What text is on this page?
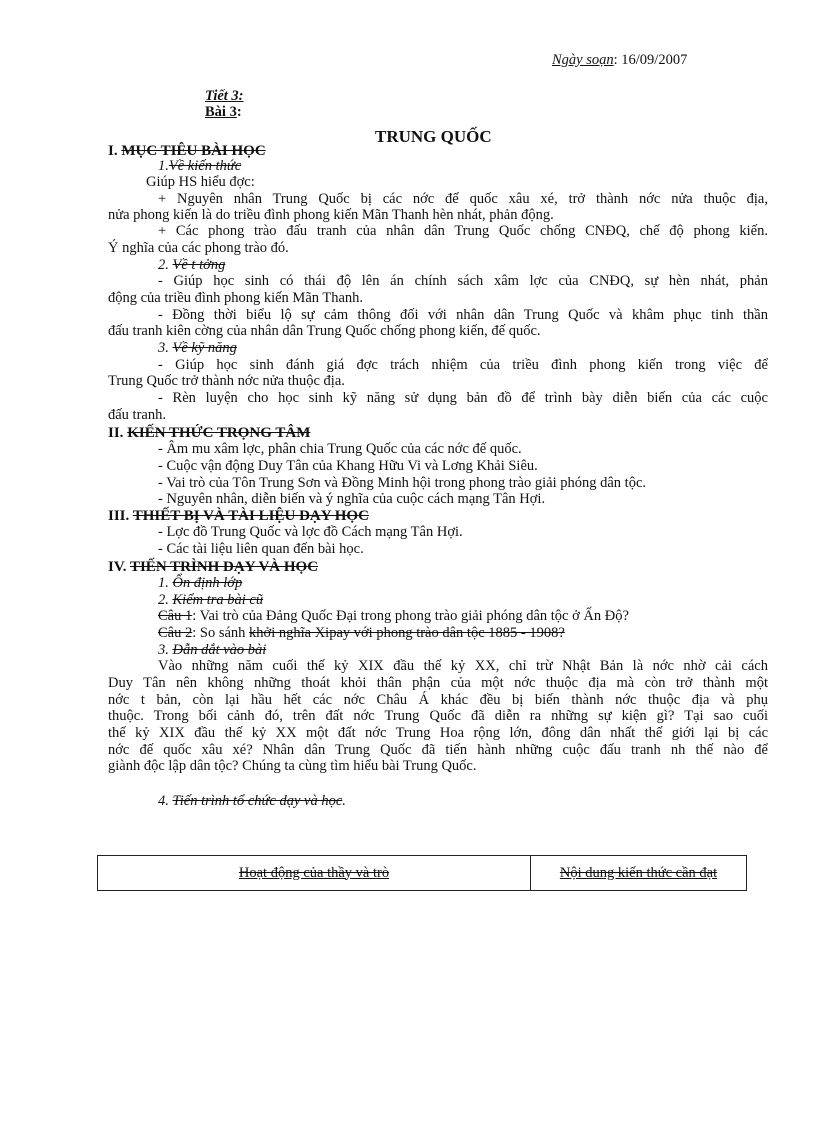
Ngày soạn: 16/09/2007
Tiết 3:
Bài 3:
TRUNG QUỐC
I. MỤC TIÊU BÀI HỌC
1.Về kiến thức
Giúp HS hiểu đợc:
+ Nguyên nhân Trung Quốc bị các nớc đế quốc xâu xé, trở thành nớc nửa thuộc địa,
nửa phong kiến là do triều đình phong kiến Mãn Thanh hèn nhát, phản động.
+ Các phong trào đấu tranh của nhân dân Trung Quốc chống CNĐQ, chế độ phong kiến.
Ý nghĩa của các phong trào đó.
2. Về t tởng
- Giúp học sinh có thái độ lên án chính sách xâm lợc của CNĐQ, sự hèn nhát, phản
động của triều đình phong kiến Mãn Thanh.
- Đồng thời biểu lộ sự cảm thông đối với nhân dân Trung Quốc và khâm phục tinh thần
đấu tranh kiên cờng của nhân dân Trung Quốc chống phong kiến, đế quốc.
3. Về kỹ năng
- Giúp học sinh đánh giá đợc trách nhiệm của triều đình phong kiến trong việc để
Trung Quốc trở thành nớc nửa thuộc địa.
- Rèn luyện cho học sinh kỹ năng sử dụng bản đồ để trình bày diễn biến của các cuộc
đấu tranh.
II. KIẾN THỨC TRỌNG TÂM
- Âm mu xâm lợc, phân chia Trung Quốc của các nớc đế quốc.
- Cuộc vận động Duy Tân của Khang Hữu Vi và Lơng Khải Siêu.
- Vai trò của Tôn Trung Sơn và Đồng Minh hội trong phong trào giải phóng dân tộc.
- Nguyên nhân, diễn biến và ý nghĩa của cuộc cách mạng Tân Hợi.
III. THIẾT BỊ VÀ TÀI LIỆU DẠY HỌC
- Lợc đồ Trung Quốc và lợc đồ Cách mạng Tân Hợi.
- Các tài liệu liên quan đến bài học.
IV. TIẾN TRÌNH DẠY VÀ HỌC
1. Ổn định lớp
2. Kiểm tra bài cũ
Câu 1: Vai trò của Đảng Quốc Đại trong phong trào giải phóng dân tộc ở Ấn Độ?
Câu 2: So sánh khởi nghĩa Xipay với phong trào dân tộc 1885 - 1908?
3. Dẫn dắt vào bài
Vào những năm cuối thế kỷ XIX đầu thế kỷ XX, chỉ trừ Nhật Bản là nớc nhờ cải cách
Duy Tân nên không những thoát khỏi thân phận của một nớc thuộc địa mà còn trở thành một
nớc t bản, còn lại hầu hết các nớc Châu Á khác đều bị biến thành nớc thuộc địa và phụ
thuộc. Trong bối cảnh đó, trên đất nớc Trung Quốc đã diễn ra những sự kiện gì? Tại sao cuối
thế kỷ XIX đầu thế kỷ XX một đất nớc Trung Hoa rộng lớn, đông dân nhất thế giới lại bị các
nớc đế quốc xâu xé? Nhân dân Trung Quốc đã tiến hành những cuộc đấu tranh nh thế nào để
giành độc lập dân tộc? Chúng ta cùng tìm hiểu bài Trung Quốc.
4. Tiến trình tổ chức dạy và học.
Hoạt động của thầy và trò	Nội dung kiến thức cần đạt
